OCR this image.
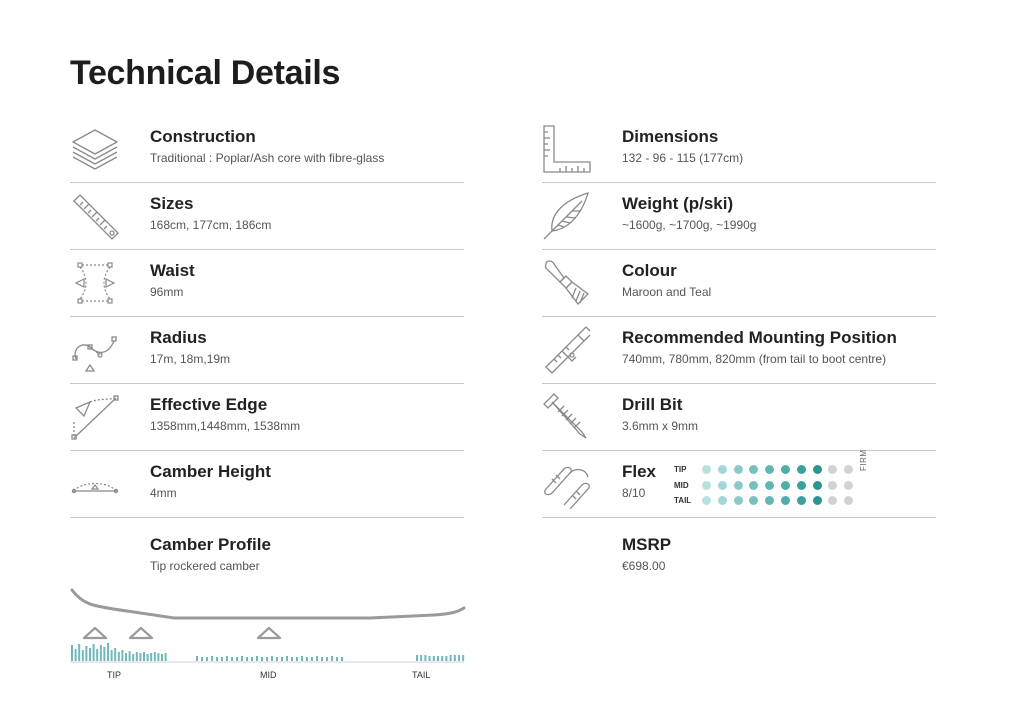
Technical Details
Construction
Traditional : Poplar/Ash core with fibre-glass
Sizes
168cm, 177cm, 186cm
Waist
96mm
Radius
17m, 18m,19m
Effective Edge
1358mm,1448mm, 1538mm
Camber Height
4mm
Dimensions
132 - 96 - 115 (177cm)
Weight (p/ski)
~1600g, ~1700g, ~1990g
Colour
Maroon and Teal
Recommended Mounting Position
740mm, 780mm, 820mm (from tail to boot centre)
Drill Bit
3.6mm x 9mm
Flex
8/10
TIP
MID
TAIL
FIRM
Camber Profile
Tip rockered camber
MSRP
€698.00
TIP	MID	TAIL
